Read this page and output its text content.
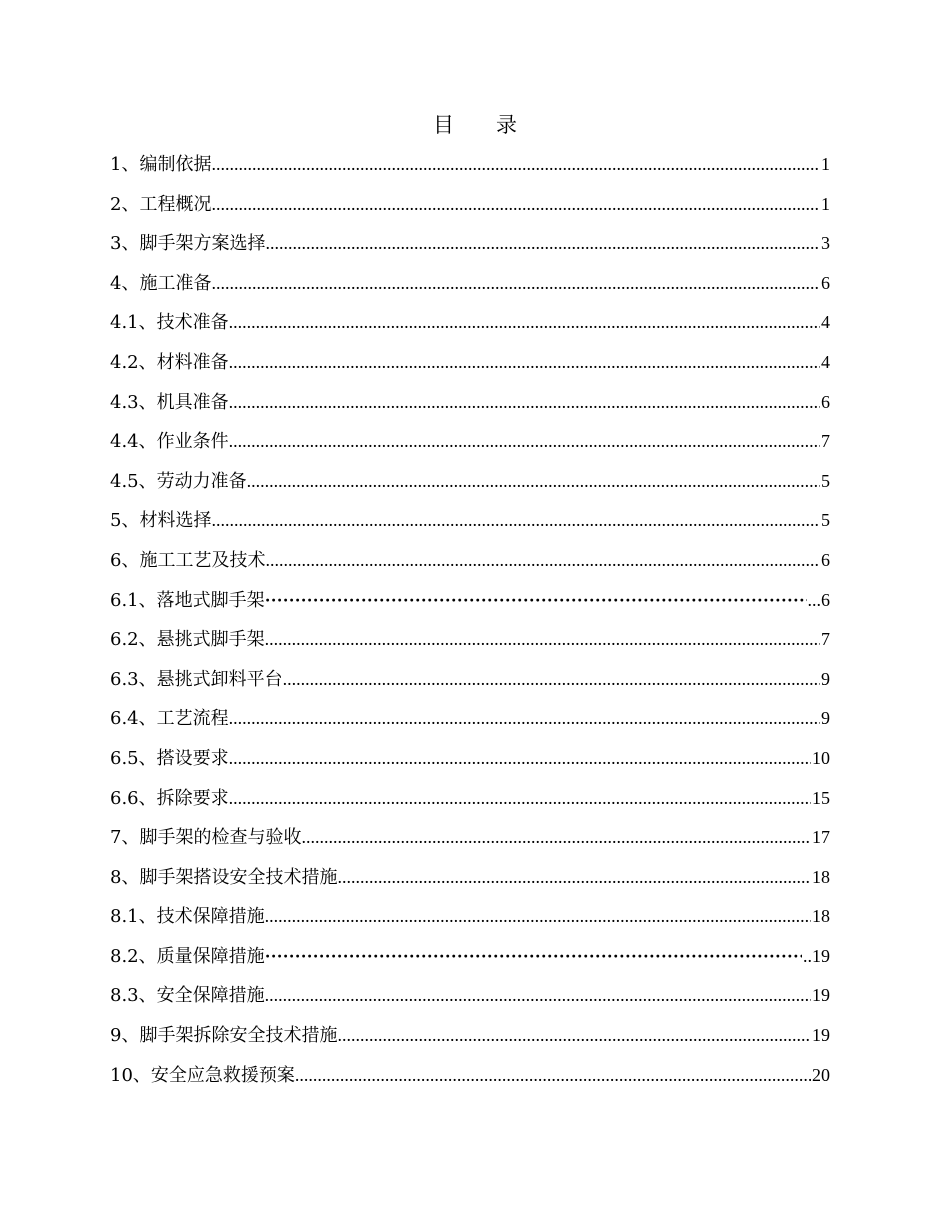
目　录
1、编制依据 .....	1
2、工程概况 .....	1
3、脚手架方案选择 .....	3
4、施工准备 .....	6
4.1、技术准备 .....	4
4.2、材料准备 .....	4
4.3、机具准备 .....	6
4.4、作业条件 .....	7
4.5、劳动力准备 .....	5
5、材料选择 .....	5
6、施工工艺及技术 .....	6
6.1、落地式脚手架 ·····	...6
6.2、悬挑式脚手架 .....	7
6.3、悬挑式卸料平台 .....	9
6.4、工艺流程 .....	9
6.5、搭设要求 .....	10
6.6、拆除要求 .....	15
7、脚手架的检查与验收 .....	17
8、脚手架搭设安全技术措施 .....	18
8.1、技术保障措施 .....	18
8.2、质量保障措施 ·····	..19
8.3、安全保障措施 .....	19
9、脚手架拆除安全技术措施 .....	19
10、安全应急救援预案 .....	20
